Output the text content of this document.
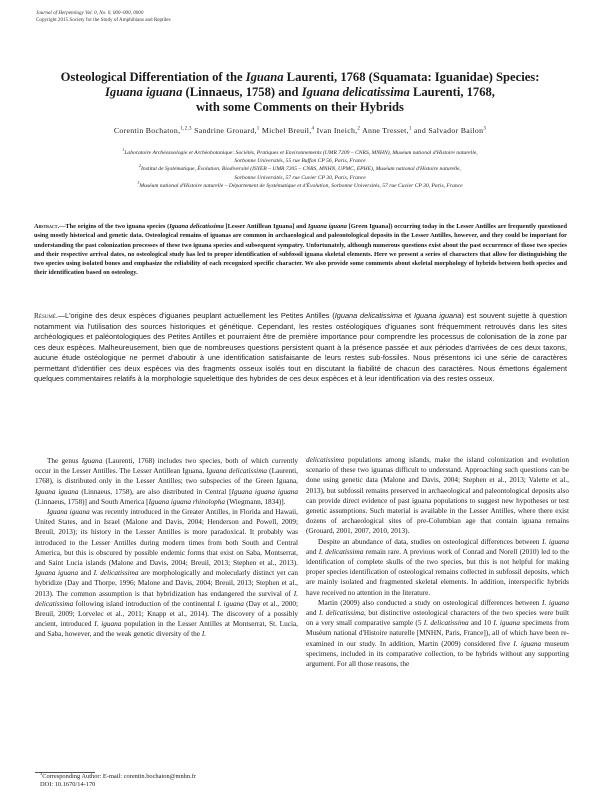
Journal of Herpetology Vol. 0, No. 0, 000–000, 0000
Copyright 2015 Society for the Study of Amphibians and Reptiles
Osteological Differentiation of the Iguana Laurenti, 1768 (Squamata: Iguanidae) Species:
Iguana iguana (Linnaeus, 1758) and Iguana delicatissima Laurenti, 1768,
with some Comments on their Hybrids
Corentin Bochaton,$^{1,2,3}$ Sandrine Grouard,$^1$ Michel Breuil,$^4$ Ivan Ineich,$^2$ Anne Tresset,$^1$ and Salvador Bailon$^3$
$^1$Laboratoire Archéozoologie et Archéobotanique: Sociétés, Pratiques et Environnements (UMR 7209 – CNRS, MNHN), Muséum national d'Histoire naturelle,
Sorbonne Universités, 55 rue Buffon CP 56, Paris, France
$^2$Institut de Systématique, Évolution, Biodiversité (ISYEB – UMR 7205 – CNRS, MNHN, UPMC, EPHE), Muséum national d'Histoire naturelle,
Sorbonne Universités, 57 rue Cuvier CP 30, Paris, France
$^3$Muséum national d'Histoire naturelle – Département de Systématique et d'Évolution, Sorbonne Universités, 57 rue Cuvier CP 30, Paris, France
Abstract.—The origins of the two iguana species (Iguana delicatissima [Lesser Antillean Iguana] and Iguana iguana [Green Iguana]) occurring today in the Lesser Antilles are frequently questioned using mostly historical and genetic data. Osteological remains of iguanas are common in archaeological and paleontological deposits in the Lesser Antilles, however, and they could be important for understanding the past colonization processes of these two iguana species and subsequent sympatry. Unfortunately, although numerous questions exist about the past occurrence of those two species and their respective arrival dates, no osteological study has led to proper identification of subfossil iguana skeletal elements. Here we present a series of characters that allow for distinguishing the two species using isolated bones and emphasize the reliability of each recognized specific character. We also provide some comments about skeletal morphology of hybrids between both species and their identification based on osteology.
Résumé.—L'origine des deux espèces d'iguanes peuplant actuellement les Petites Antilles (Iguana delicatissima et Iguana iguana) est souvent sujette à question notamment via l'utilisation des sources historiques et génétique. Cependant, les restes ostéologiques d'iguanes sont fréquemment retrouvés dans les sites archéologiques et paléontologiques des Petites Antilles et pourraient être de première importance pour comprendre les processus de colonisation de la zone par ces deux espèces. Malheureusement, bien que de nombreuses questions persistent quant à la présence passée et aux périodes d'arrivées de ces deux taxons, aucune étude ostéologique ne permet d'aboutir à une identification satisfaisante de leurs restes sub-fossiles. Nous présentons ici une série de caractères permettant d'identifier ces deux espèces via des fragments osseux isolés tout en discutant la fiabilité de chacun des caractères. Nous émettons également quelques commentaires relatifs à la morphologie squelettique des hybrides de ces deux espèces et à leur identification via des restes osseux.

The genus Iguana (Laurenti, 1768) includes two species, both of which currently occur in the Lesser Antilles. The Lesser Antillean Iguana, Iguana delicatissima (Laurenti, 1768), is distributed only in the Lesser Antilles; two subspecies of the Green Iguana, Iguana iguana (Linnaeus, 1758), are also distributed in Central [Iguana iguana iguana (Linnaeus, 1758)] and South America [Iguana iguana rhinolopha (Wiegmann, 1834)].

Iguana iguana was recently introduced in the Greater Antilles, in Florida and Hawaii, United States, and in Israel (Malone and Davis, 2004; Henderson and Powell, 2009; Breuil, 2013); its history in the Lesser Antilles is more paradoxical. It probably was introduced to the Lesser Antilles during modern times from both South and Central America, but this is obscured by possible endemic forms that exist on Saba, Montserrat, and Saint Lucia islands (Malone and Davis, 2004; Breuil, 2013; Stephen et al., 2013). Iguana iguana and I. delicatissima are morphologically and molecularly distinct yet can hybridize (Day and Thorpe, 1996; Malone and Davis, 2004; Breuil, 2013; Stephen et al., 2013). The common assumption is that hybridization has endangered the survival of I. delicatissima following island introduction of the continental I. iguana (Day et al., 2000; Breuil, 2009; Lorvelec et al., 2011; Knapp et al., 2014). The discovery of a possibly ancient, introduced I. iguana population in the Lesser Antilles at Montserrat, St. Lucia, and Saba, however, and the weak genetic diversity of the I.

delicatissima populations among islands, make the island colonization and evolution scenario of these two iguanas difficult to understand. Approaching such questions can be done using genetic data (Malone and Davis, 2004; Stephen et al., 2013; Valette et al., 2013), but subfossil remains preserved in archaeological and paleontological deposits also can provide direct evidence of past iguana populations to suggest new hypotheses or test genetic assumptions. Such material is available in the Lesser Antilles, where there exist dozens of archaeological sites of pre-Columbian age that contain iguana remains (Grouard, 2001, 2007, 2010, 2013).

Despite an abundance of data, studies on osteological differences between I. iguana and I. delicatissima remain rare. A previous work of Conrad and Norell (2010) led to the identification of complete skulls of the two species, but this is not helpful for making proper species identification of osteological remains collected in subfossil deposits, which are mainly isolated and fragmented skeletal elements. In addition, interspecific hybrids have received no attention in the literature.

Martin (2009) also conducted a study on osteological differences between I. iguana and I. delicatissima, but distinctive osteological characters of the two species were built on a very small comparative sample (5 I. delicatissima and 10 I. iguana specimens from Muséum national d'Histoire naturelle [MNHN, Paris, France]), all of which have been re-examined in our study. In addition, Martin (2009) considered five I. iguana museum specimens, included in its comparative collection, to be hybrids without any supporting argument. For all those reasons, the

$^3$Corresponding Author: E-mail: corentin.bochaton@mnhn.fr
DOI: 10.1670/14-170
